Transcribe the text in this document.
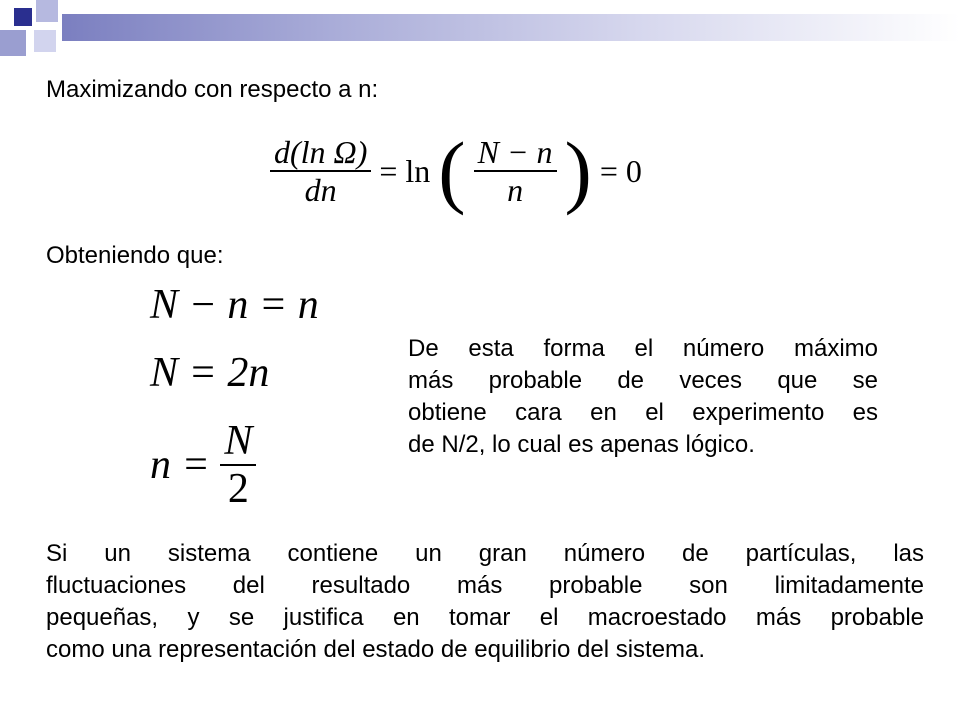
Maximizando con respecto a n:
$\frac{\text{d(ln Ω)}}{dn} = \ln$ ( $\frac{N - n}{n}$ ) = 0
Obteniendo que:
N − n = n
N = 2n
$n = \frac{N}{2}$
De esta forma el número máximo
más probable de veces que se
obtiene cara en el experimento es
de N/2, lo cual es apenas lógico.
Si un sistema contiene un gran número de partículas, las
fluctuaciones del resultado más probable son limitadamente
pequeñas, y se justifica en tomar el macroestado más probable
como una representación del estado de equilibrio del sistema.
